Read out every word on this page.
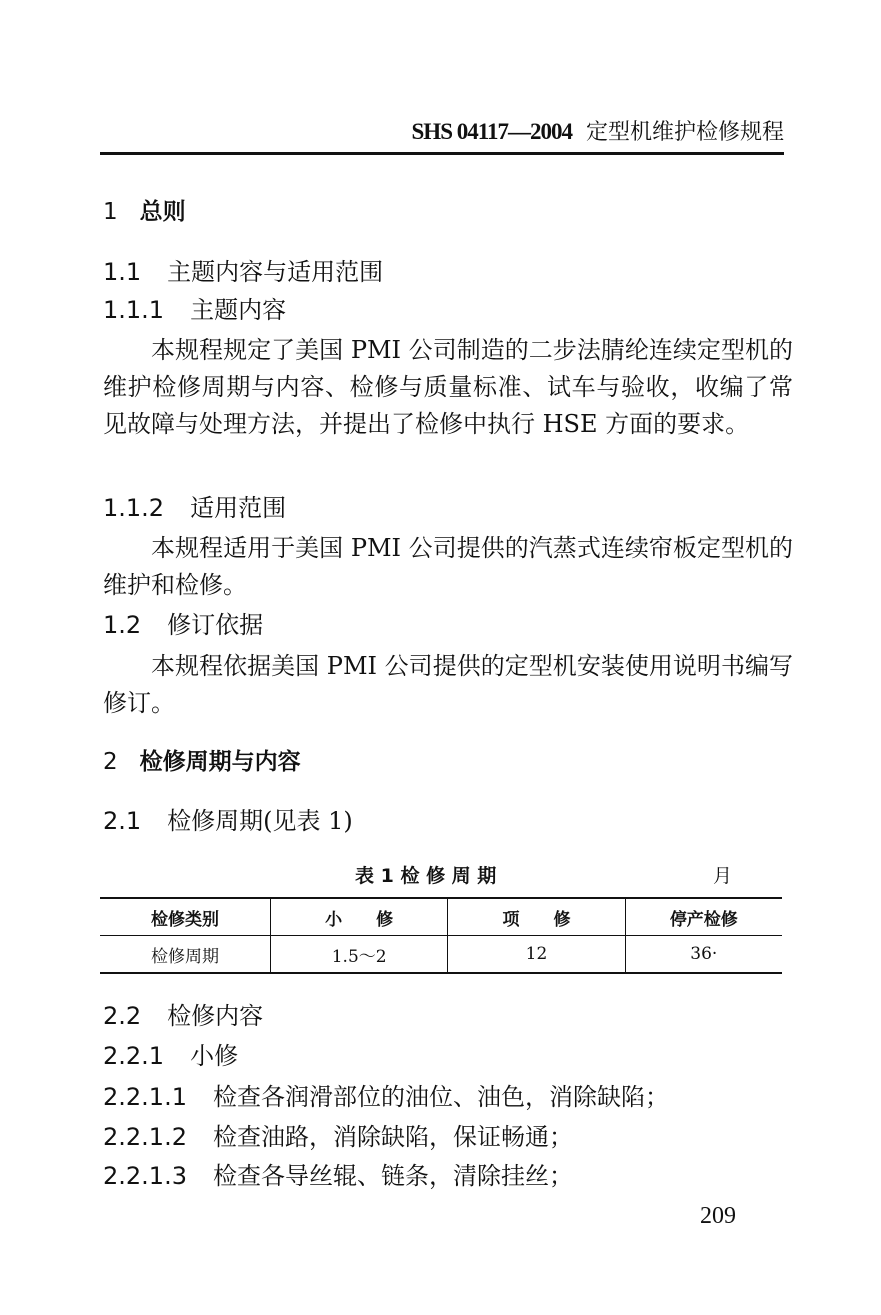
SHS 04117—2004 定型机维护检修规程
1 总则
1.1 主题内容与适用范围
1.1.1 主题内容
本规程规定了美国 PMI 公司制造的二步法腈纶连续定型机的维护检修周期与内容、检修与质量标准、试车与验收，收编了常见故障与处理方法，并提出了检修中执行 HSE 方面的要求。
1.1.2 适用范围
本规程适用于美国 PMI 公司提供的汽蒸式连续帘板定型机的维护和检修。
1.2 修订依据
本规程依据美国 PMI 公司提供的定型机安装使用说明书编写修订。
2 检修周期与内容
2.1 检修周期(见表 1)
表 1 检 修 周 期	月
检修类别	小　　修	项　　修	停产检修
检修周期	1.5～2	12	36·
2.2 检修内容
2.2.1 小修
2.2.1.1 检查各润滑部位的油位、油色，消除缺陷；
2.2.1.2 检查油路，消除缺陷，保证畅通；
2.2.1.3 检查各导丝辊、链条，清除挂丝；
209
